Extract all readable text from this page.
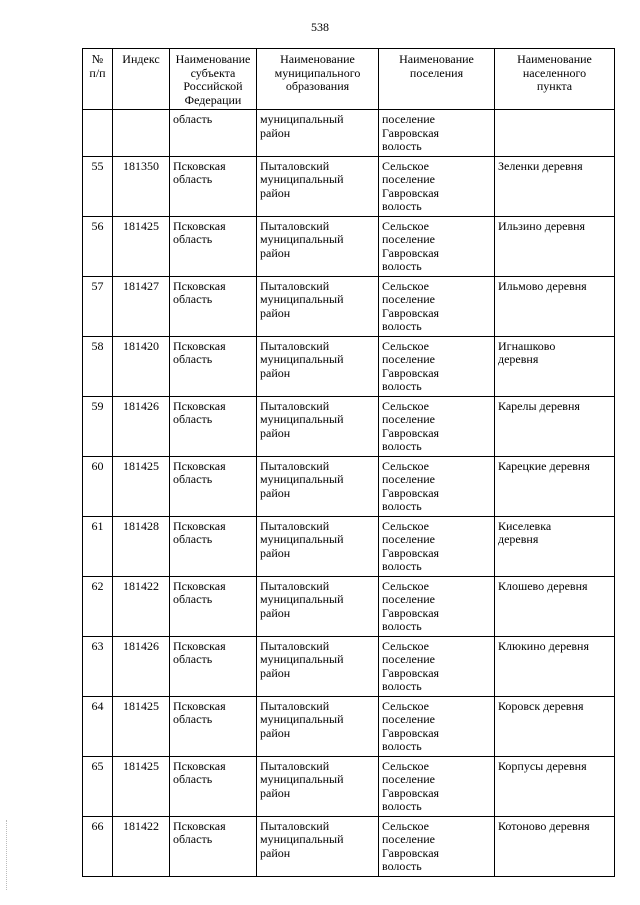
538
№
п/п	Индекс	Наименование
субъекта
Российской
Федерации	Наименование
муниципального
образования	Наименование
поселения	Наименование
населенного
пункта

		область	муниципальный
район	поселение
Гавровская
волость	

55	181350	Псковская
область	Пыталовский
муниципальный
район	Сельское
поселение
Гавровская
волость	Зеленки деревня

56	181425	Псковская
область	Пыталовский
муниципальный
район	Сельское
поселение
Гавровская
волость	Ильзино деревня

57	181427	Псковская
область	Пыталовский
муниципальный
район	Сельское
поселение
Гавровская
волость	Ильмово деревня

58	181420	Псковская
область	Пыталовский
муниципальный
район	Сельское
поселение
Гавровская
волость	Игнашково
деревня

59	181426	Псковская
область	Пыталовский
муниципальный
район	Сельское
поселение
Гавровская
волость	Карелы деревня

60	181425	Псковская
область	Пыталовский
муниципальный
район	Сельское
поселение
Гавровская
волость	Карецкие деревня

61	181428	Псковская
область	Пыталовский
муниципальный
район	Сельское
поселение
Гавровская
волость	Киселевка
деревня

62	181422	Псковская
область	Пыталовский
муниципальный
район	Сельское
поселение
Гавровская
волость	Клошево деревня

63	181426	Псковская
область	Пыталовский
муниципальный
район	Сельское
поселение
Гавровская
волость	Клюкино деревня

64	181425	Псковская
область	Пыталовский
муниципальный
район	Сельское
поселение
Гавровская
волость	Коровск деревня

65	181425	Псковская
область	Пыталовский
муниципальный
район	Сельское
поселение
Гавровская
волость	Корпусы деревня

66	181422	Псковская
область	Пыталовский
муниципальный
район	Сельское
поселение
Гавровская
волость	Котоново деревня
